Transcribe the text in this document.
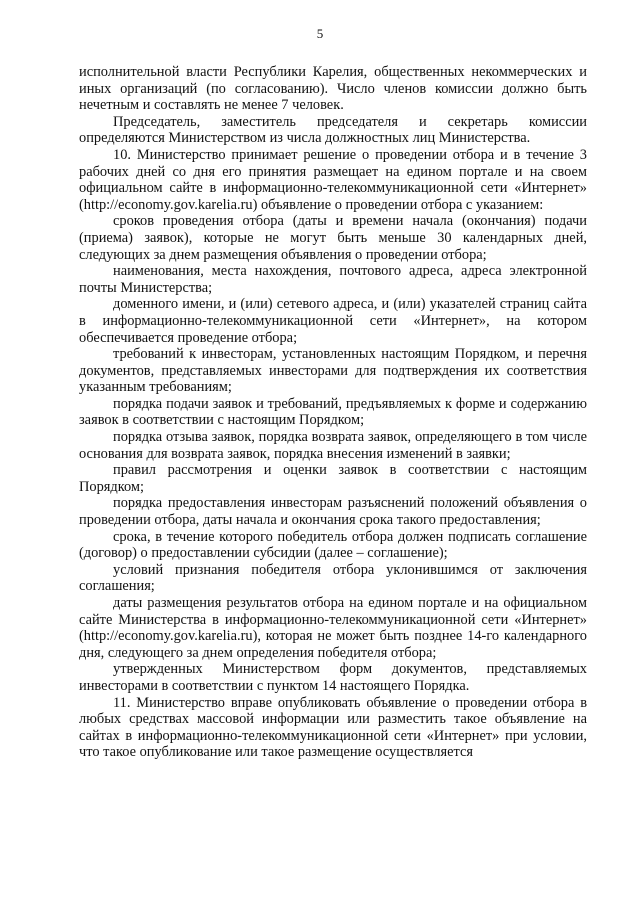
5

исполнительной власти Республики Карелия, общественных некоммерческих и иных организаций (по согласованию). Число членов комиссии должно быть нечетным и составлять не менее 7 человек.

Председатель, заместитель председателя и секретарь комиссии определяются Министерством из числа должностных лиц Министерства.

10. Министерство принимает решение о проведении отбора и в течение 3 рабочих дней со дня его принятия размещает на едином портале и на своем официальном сайте в информационно-телекоммуникационной сети «Интернет» (http://economy.gov.karelia.ru) объявление о проведении отбора с указанием:

сроков проведения отбора (даты и времени начала (окончания) подачи (приема) заявок), которые не могут быть меньше 30 календарных дней, следующих за днем размещения объявления о проведении отбора;

наименования, места нахождения, почтового адреса, адреса электронной почты Министерства;

доменного имени, и (или) сетевого адреса, и (или) указателей страниц сайта в информационно-телекоммуникационной сети «Интернет», на котором обеспечивается проведение отбора;

требований к инвесторам, установленных настоящим Порядком, и перечня документов, представляемых инвесторами для подтверждения их соответствия указанным требованиям;

порядка подачи заявок и требований, предъявляемых к форме и содержанию заявок в соответствии с настоящим Порядком;

порядка отзыва заявок, порядка возврата заявок, определяющего в том числе основания для возврата заявок, порядка внесения изменений в заявки;

правил рассмотрения и оценки заявок в соответствии с настоящим Порядком;

порядка предоставления инвесторам разъяснений положений объявления о проведении отбора, даты начала и окончания срока такого предоставления;

срока, в течение которого победитель отбора должен подписать соглашение (договор) о предоставлении субсидии (далее – соглашение);

условий признания победителя отбора уклонившимся от заключения соглашения;

даты размещения результатов отбора на едином портале и на официальном сайте Министерства в информационно-телекоммуникационной сети «Интернет» (http://economy.gov.karelia.ru), которая не может быть позднее 14-го календарного дня, следующего за днем определения победителя отбора;

утвержденных Министерством форм документов, представляемых инвесторами в соответствии с пунктом 14 настоящего Порядка.

11. Министерство вправе опубликовать объявление о проведении отбора в любых средствах массовой информации или разместить такое объявление на сайтах в информационно-телекоммуникационной сети «Интернет» при условии, что такое опубликование или такое размещение осуществляется
